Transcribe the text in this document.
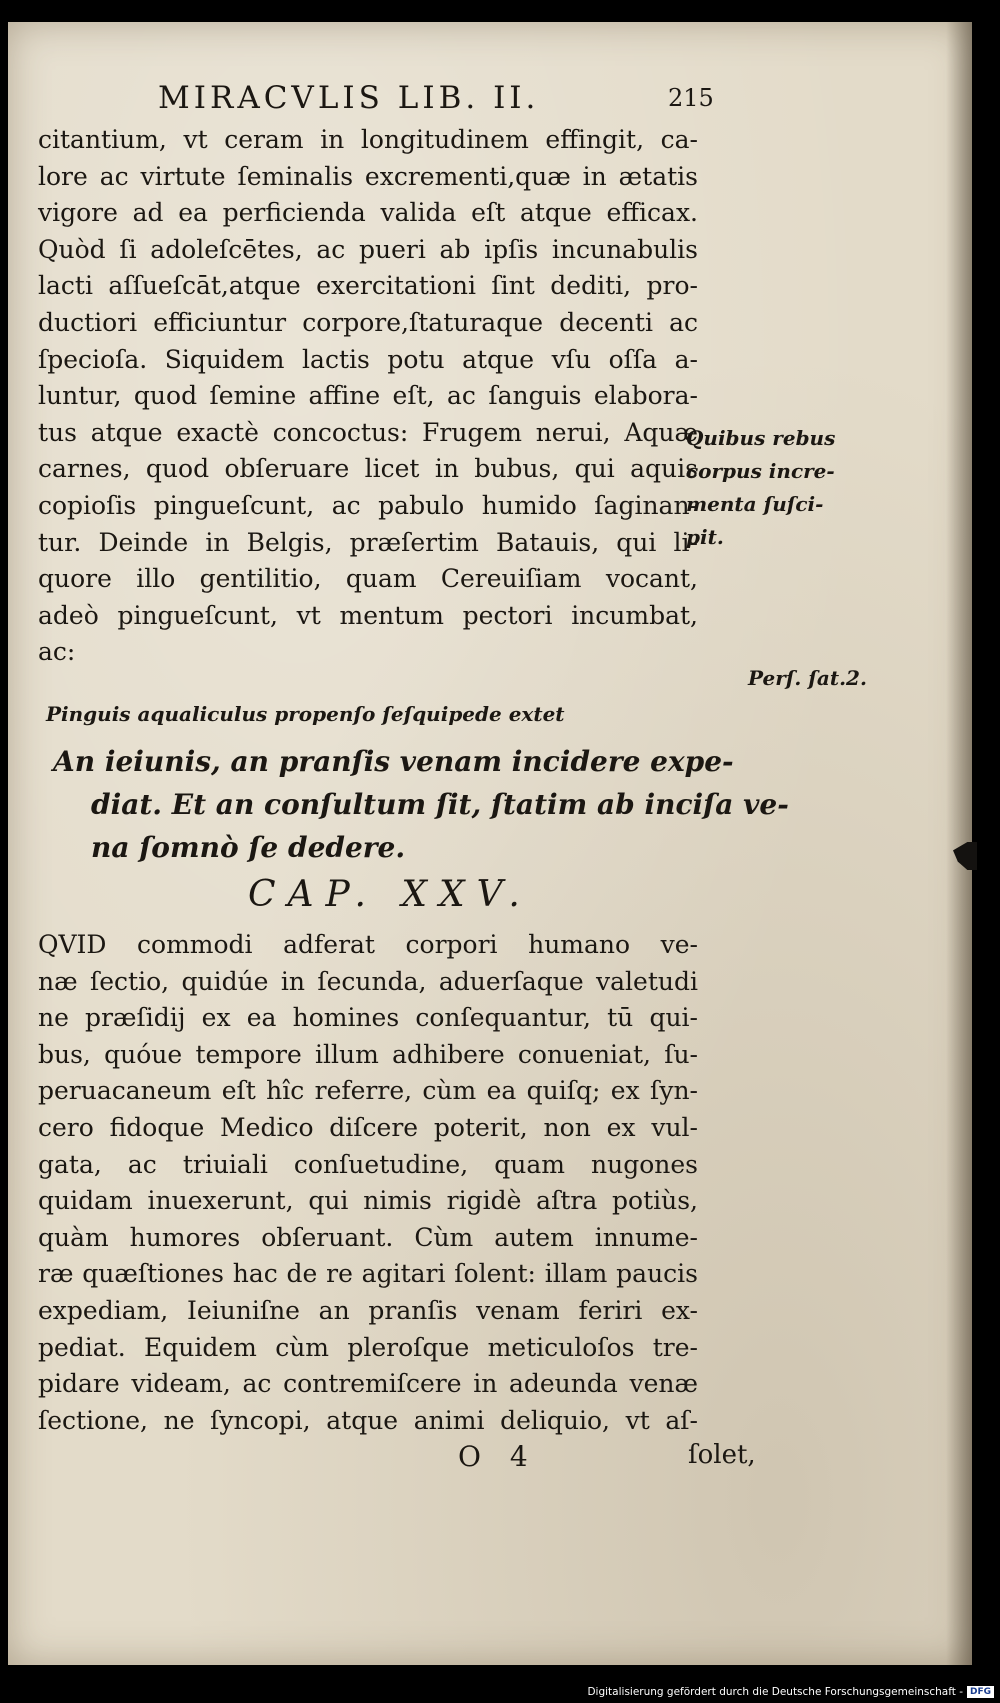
MIRACVLIS LIB. II.	215
citantium, vt ceram in longitudinem effingit, ca-
lore ac virtute ſeminalis excrementi,quæ in ætatis
vigore ad ea perficienda valida eſt atque efficax.
Quòd ſi adoleſcētes, ac pueri ab ipſis incunabulis
lacti aſſueſcāt,atque exercitationi ſint dediti, pro-
ductiori efficiuntur corpore,ſtaturaque decenti ac
ſpecioſa. Siquidem lactis potu atque vſu oſſa a-
luntur, quod ſemine affine eſt, ac ſanguis elabora-
tus atque exactè concoctus: Frugem nerui, Aquæ
carnes, quod obſeruare licet in bubus, qui aquis
copioſis pingueſcunt, ac pabulo humido ſaginan-
tur. Deinde in Belgis, præſertim Batauis, qui li-
quore illo gentilitio, quam Cereuiſiam vocant,
adeò pingueſcunt, vt mentum pectori incumbat,
ac:
Quibus rebus
corpus incre-
menta ſuſci-
pit.
Perſ. ſat.2.
Pinguis aqualiculus propenſo ſeſquipede extet
An ieiunis, an pranſis venam incidere expe-
diat. Et an conſultum ſit, ſtatim ab inciſa ve-
na ſomnò ſe dedere.
CAP. XXV.
QVID commodi adferat corpori humano ve-
næ ſectio, quidúe in ſecunda, aduerſaque valetudi
ne præſidij ex ea homines conſequantur, tū qui-
bus, quóue tempore illum adhibere conueniat, ſu-
peruacaneum eſt hîc referre, cùm ea quiſq; ex ſyn-
cero fidoque Medico diſcere poterit, non ex vul-
gata, ac triuiali conſuetudine, quam nugones
quidam inuexerunt, qui nimis rigidè aſtra potiùs,
quàm humores obſeruant. Cùm autem innume-
ræ quæſtiones hac de re agitari ſolent: illam paucis
expediam, Ieiuniſne an pranſis venam feriri ex-
pediat. Equidem cùm pleroſque meticuloſos tre-
pidare videam, ac contremiſcere in adeunda venæ
ſectione, ne ſyncopi, atque animi deliquio, vt aſ-
O 4	ſolet,
Digitalisierung gefördert durch die Deutsche Forschungsgemeinschaft - DFG
